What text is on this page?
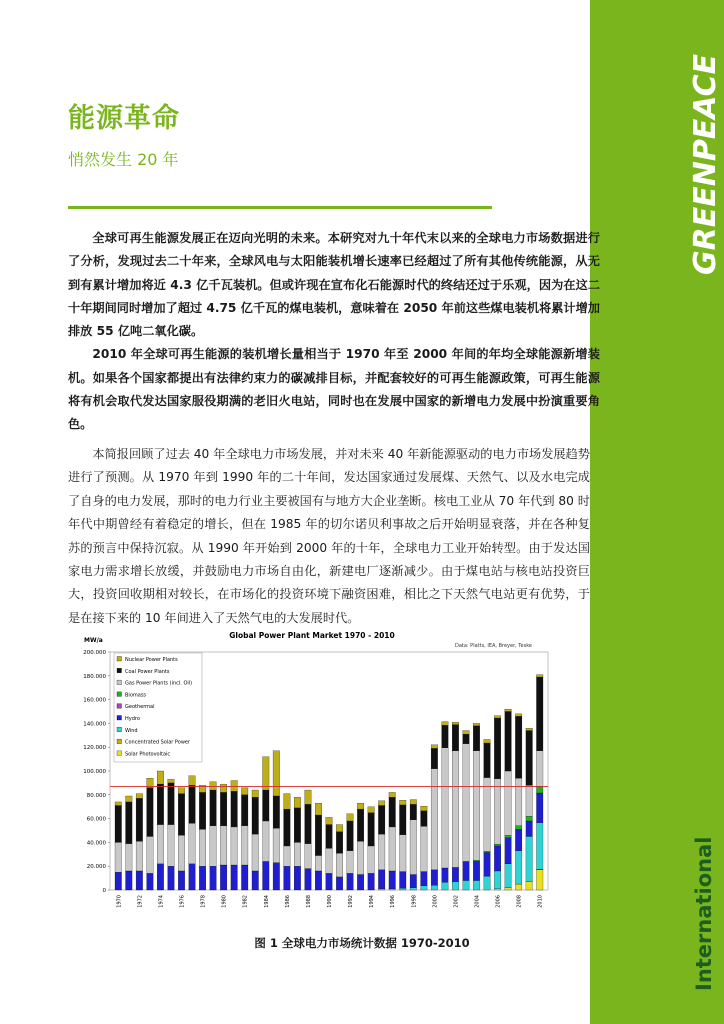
GREENPEACE
International
能源革命
悄然发生 20 年

全球可再生能源发展正在迈向光明的未来。本研究对九十年代末以来的全球电力市场数据进行了分析，发现过去二十年来，全球风电与太阳能装机增长速率已经超过了所有其他传统能源，从无到有累计增加将近 4.3 亿千瓦装机。但或许现在宣布化石能源时代的终结还过于乐观，因为在这二十年期间同时增加了超过 4.75 亿千瓦的煤电装机，意味着在 2050 年前这些煤电装机将累计增加排放 55 亿吨二氧化碳。

2010 年全球可再生能源的装机增长量相当于 1970 年至 2000 年间的年均全球能源新增装机。如果各个国家都提出有法律约束力的碳减排目标，并配套较好的可再生能源政策，可再生能源将有机会取代发达国家服役期满的老旧火电站，同时也在发展中国家的新增电力发展中扮演重要角色。

本简报回顾了过去 40 年全球电力市场发展，并对未来 40 年新能源驱动的电力市场发展趋势进行了预测。从 1970 年到 1990 年的二十年间，发达国家通过发展煤、天然气、以及水电完成了自身的电力发展，那时的电力行业主要被国有与地方大企业垄断。核电工业从 70 年代到 80 时年代中期曾经有着稳定的增长，但在 1985 年的切尔诺贝利事故之后开始明显衰落，并在各种复苏的预言中保持沉寂。从 1990 年开始到 2000 年的十年，全球电力工业开始转型。由于发达国家电力需求增长放缓，并鼓励电力市场自由化，新建电厂逐渐减少。由于煤电站与核电站投资巨大，投资回收期相对较长，在市场化的投资环境下融资困难，相比之下天然气电站更有优势，于是在接下来的 10 年间进入了天然气电的大发展时代。

Global Power Plant Market 1970 - 2010
Data: Platts, IEA, Breyer, Teske
MW/a
0
20.000
40.000
60.000
80.000
100.000
120.000
140.000
160.000
180.000
200.000
1970	1972	1974	1976	1978	1980	1982	1984	1986	1988	1990	1992	1994	1996	1998	2000	2002	2004	2006	2008	2010
Nuclear Power Plants
Coal Power Plants
Gas Power Plants (incl. Oil)
Biomass
Geothermal
Hydro
Wind
Concentrated Solar Power
Solar Photovoltaic
图 1 全球电力市场统计数据 1970-2010
